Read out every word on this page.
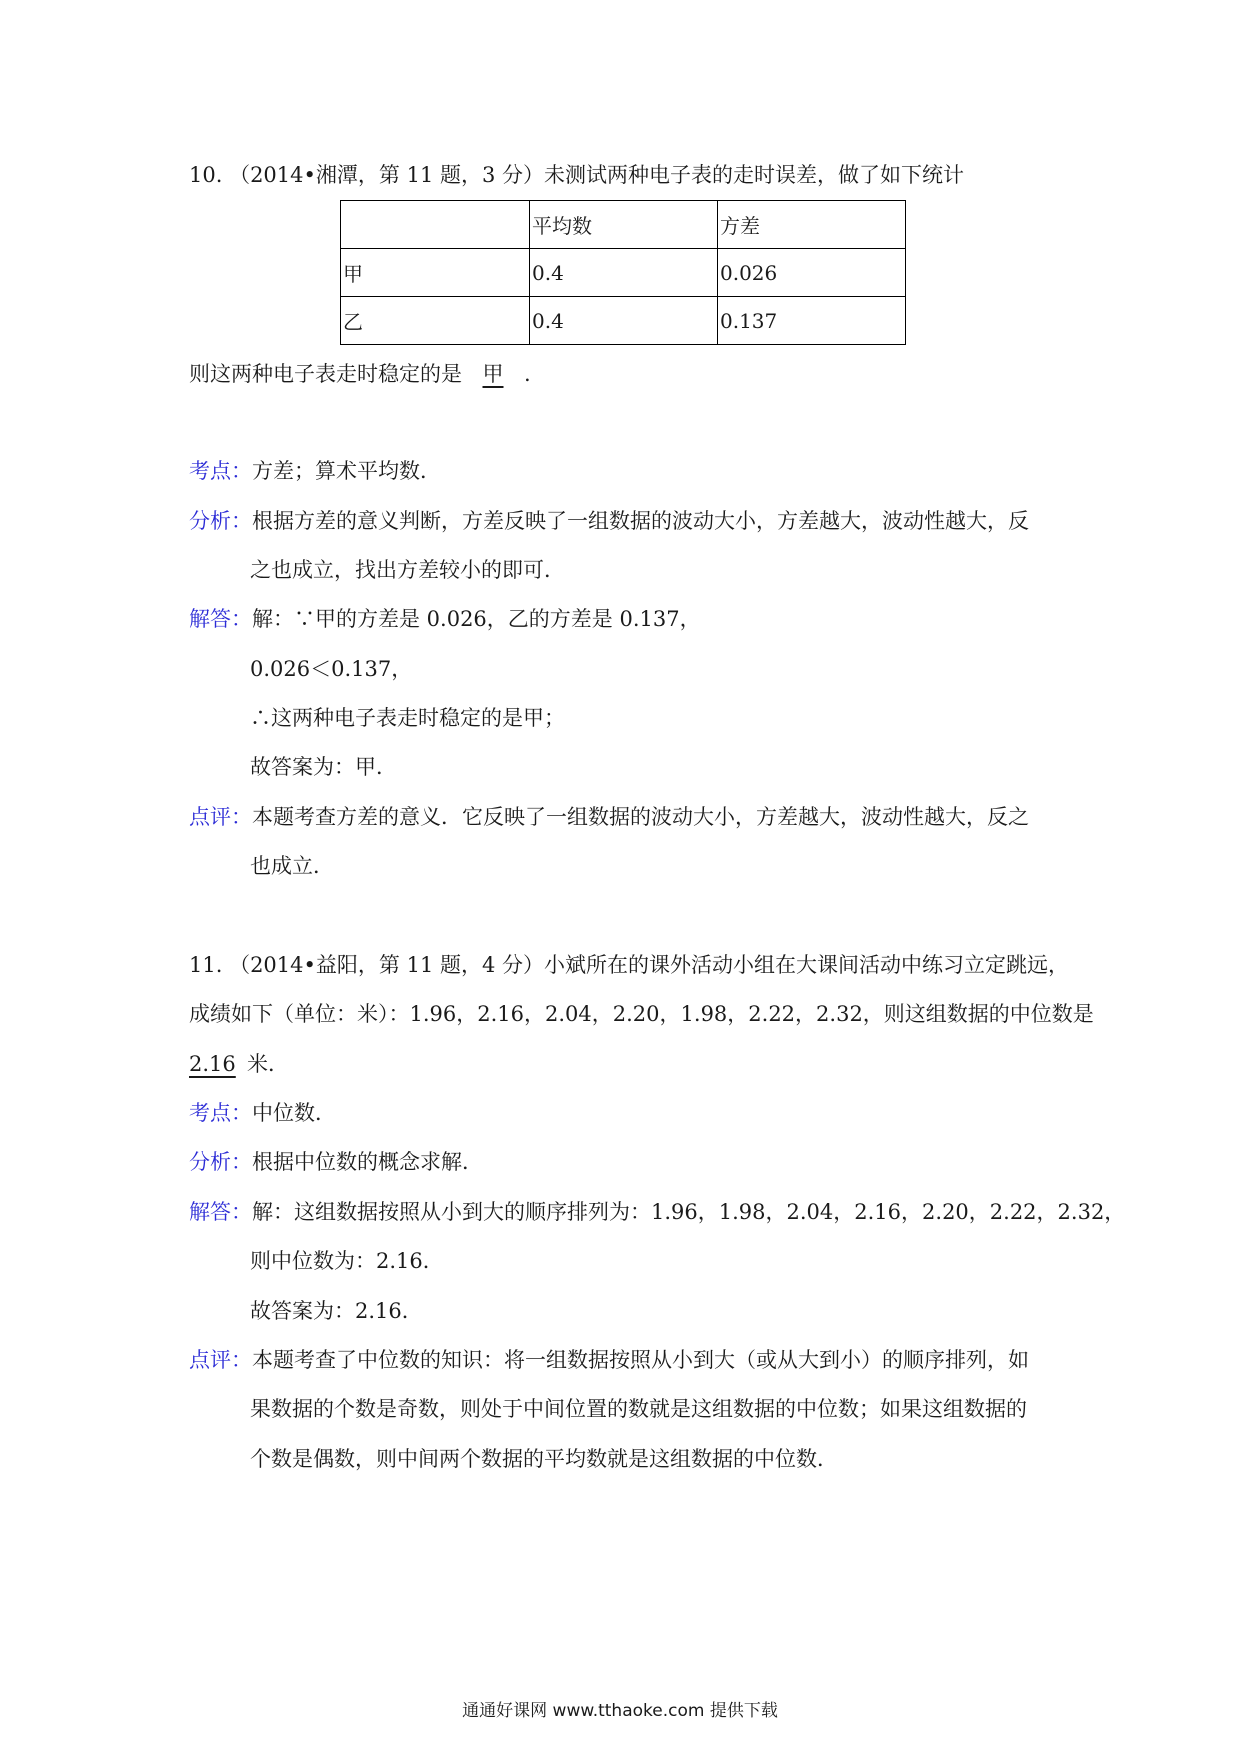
10. （2014•湘潭，第 11 题，3 分）未测试两种电子表的走时误差，做了如下统计
	平均数	方差
甲	0.4	0.026
乙	0.4	0.137
则这两种电子表走时稳定的是 甲 .
考点：方差；算术平均数．
分析：根据方差的意义判断，方差反映了一组数据的波动大小，方差越大，波动性越大，反
之也成立，找出方差较小的即可．
解答：解：∵甲的方差是 0.026，乙的方差是 0.137，
0.026＜0.137，
∴这两种电子表走时稳定的是甲；
故答案为：甲．
点评：本题考查方差的意义．它反映了一组数据的波动大小，方差越大，波动性越大，反之
也成立．
11. （2014•益阳，第 11 题，4 分）小斌所在的课外活动小组在大课间活动中练习立定跳远，
成绩如下（单位：米）：1.96，2.16，2.04，2.20，1.98，2.22，2.32，则这组数据的中位数是
2.16 米．
考点：中位数．
分析：根据中位数的概念求解．
解答：解：这组数据按照从小到大的顺序排列为：1.96，1.98，2.04，2.16，2.20，2.22，2.32，
则中位数为：2.16．
故答案为：2.16．
点评：本题考查了中位数的知识：将一组数据按照从小到大（或从大到小）的顺序排列，如
果数据的个数是奇数，则处于中间位置的数就是这组数据的中位数；如果这组数据的
个数是偶数，则中间两个数据的平均数就是这组数据的中位数．
通通好课网 www.tthaoke.com 提供下载
